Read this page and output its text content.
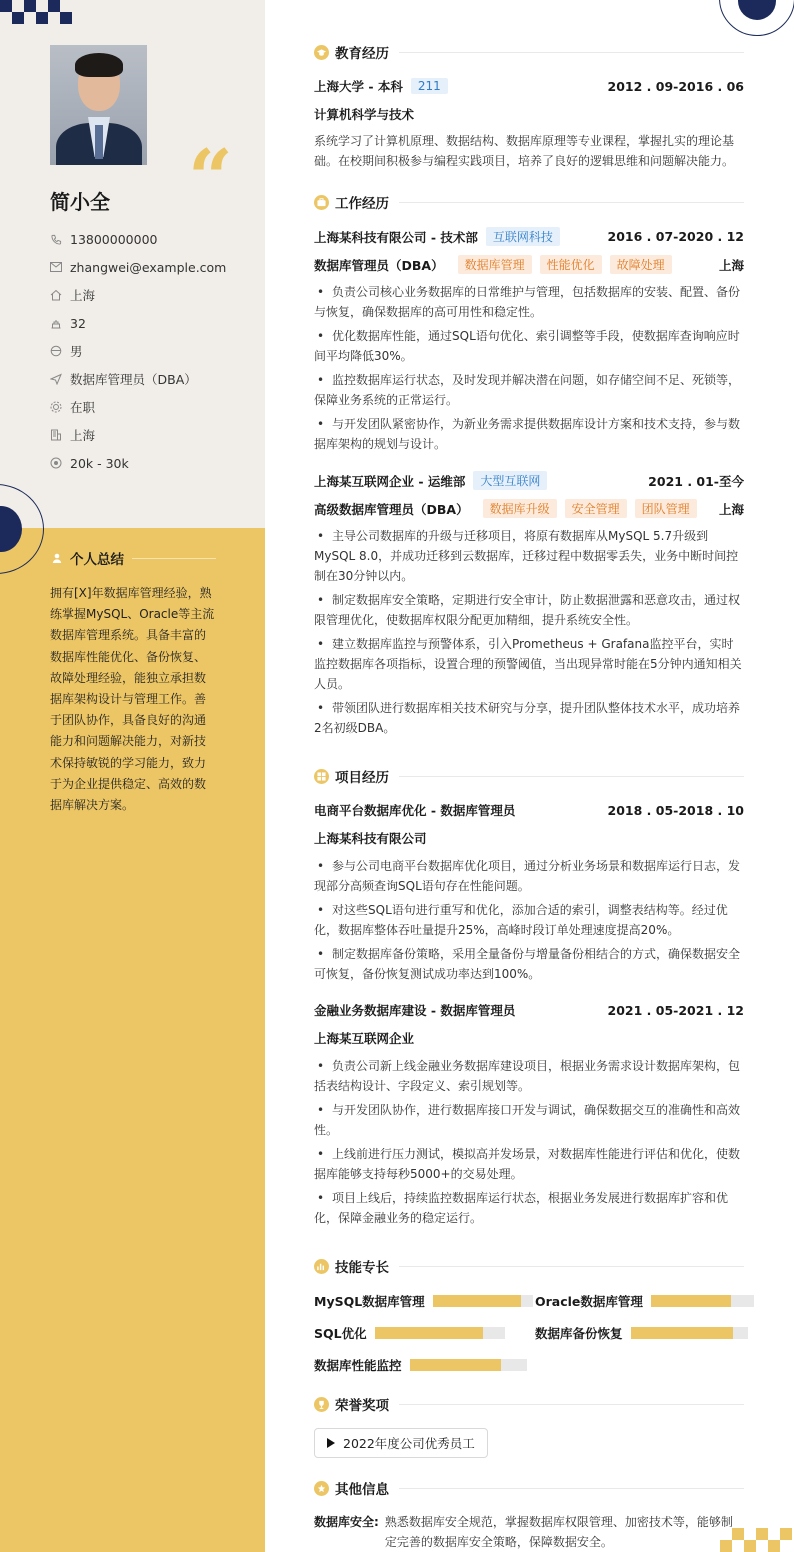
“
简小全
13800000000
zhangwei@example.com
上海
32
男
数据库管理员（DBA）
在职
上海
20k - 30k
个人总结
拥有[X]年数据库管理经验，熟练掌握MySQL、Oracle等主流数据库管理系统。具备丰富的数据库性能优化、备份恢复、故障处理经验，能独立承担数据库架构设计与管理工作。善于团队协作，具备良好的沟通能力和问题解决能力，对新技术保持敏锐的学习能力，致力于为企业提供稳定、高效的数据库解决方案。
教育经历
上海大学 - 本科	211	2012 . 09-2016 . 06
计算机科学与技术
系统学习了计算机原理、数据结构、数据库原理等专业课程，掌握扎实的理论基础。在校期间积极参与编程实践项目，培养了良好的逻辑思维和问题解决能力。
工作经历
上海某科技有限公司 - 技术部	互联网科技	2016 . 07-2020 . 12
数据库管理员（DBA）	数据库管理	性能优化	故障处理	上海
• 负责公司核心业务数据库的日常维护与管理，包括数据库的安装、配置、备份与恢复，确保数据库的高可用性和稳定性。
• 优化数据库性能，通过SQL语句优化、索引调整等手段，使数据库查询响应时间平均降低30%。
• 监控数据库运行状态，及时发现并解决潜在问题，如存储空间不足、死锁等，保障业务系统的正常运行。
• 与开发团队紧密协作，为新业务需求提供数据库设计方案和技术支持，参与数据库架构的规划与设计。
上海某互联网企业 - 运维部	大型互联网	2021 . 01-至今
高级数据库管理员（DBA）	数据库升级	安全管理	团队管理	上海
• 主导公司数据库的升级与迁移项目，将原有数据库从MySQL 5.7升级到MySQL 8.0，并成功迁移到云数据库，迁移过程中数据零丢失，业务中断时间控制在30分钟以内。
• 制定数据库安全策略，定期进行安全审计，防止数据泄露和恶意攻击，通过权限管理优化，使数据库权限分配更加精细，提升系统安全性。
• 建立数据库监控与预警体系，引入Prometheus + Grafana监控平台，实时监控数据库各项指标，设置合理的预警阈值，当出现异常时能在5分钟内通知相关人员。
• 带领团队进行数据库相关技术研究与分享，提升团队整体技术水平，成功培养2名初级DBA。
项目经历
电商平台数据库优化 - 数据库管理员	2018 . 05-2018 . 10
上海某科技有限公司
• 参与公司电商平台数据库优化项目，通过分析业务场景和数据库运行日志，发现部分高频查询SQL语句存在性能问题。
• 对这些SQL语句进行重写和优化，添加合适的索引，调整表结构等。经过优化，数据库整体吞吐量提升25%，高峰时段订单处理速度提高20%。
• 制定数据库备份策略，采用全量备份与增量备份相结合的方式，确保数据安全可恢复，备份恢复测试成功率达到100%。
金融业务数据库建设 - 数据库管理员	2021 . 05-2021 . 12
上海某互联网企业
• 负责公司新上线金融业务数据库建设项目，根据业务需求设计数据库架构，包括表结构设计、字段定义、索引规划等。
• 与开发团队协作，进行数据库接口开发与调试，确保数据交互的准确性和高效性。
• 上线前进行压力测试，模拟高并发场景，对数据库性能进行评估和优化，使数据库能够支持每秒5000+的交易处理。
• 项目上线后，持续监控数据库运行状态，根据业务发展进行数据库扩容和优化，保障金融业务的稳定运行。
技能专长
MySQL数据库管理	Oracle数据库管理
SQL优化	数据库备份恢复
数据库性能监控
荣誉奖项
2022年度公司优秀员工
其他信息
数据库安全: 熟悉数据库安全规范，掌握数据库权限管理、加密技术等，能够制定完善的数据库安全策略，保障数据安全。
